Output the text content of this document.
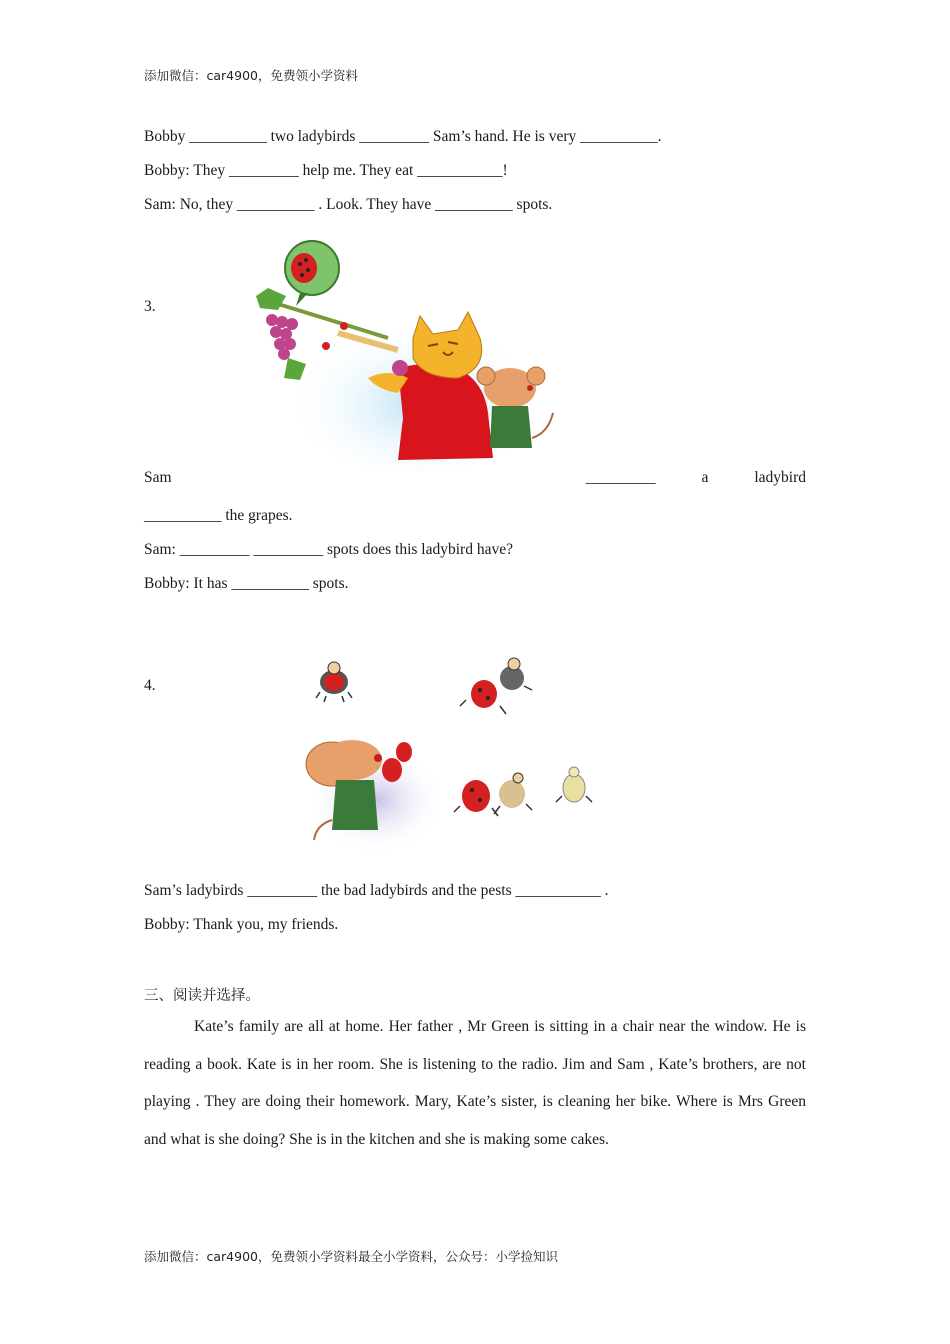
添加微信：car4900，免费领小学资料
Bobby __________ two ladybirds _________ Sam’s hand. He is very __________.
Bobby: They _________ help me. They eat ___________!
Sam: No, they __________ . Look. They have __________ spots.
3.
Sam	_________	a	ladybird
__________ the grapes.
Sam: _________ _________ spots does this ladybird have?
Bobby: It has __________ spots.
4.
Sam’s ladybirds _________ the bad ladybirds and the pests ___________ .
Bobby: Thank you, my friends.
三、阅读并选择。
Kate’s family are all at home. Her father , Mr Green is sitting in a chair near the window. He is reading a book. Kate is in her room. She is listening to the radio. Jim and Sam , Kate’s brothers, are not playing . They are doing their homework. Mary, Kate’s sister, is cleaning her bike. Where is Mrs Green and what is she doing? She is in the kitchen and she is making some cakes.
添加微信：car4900，免费领小学资料最全小学资料，公众号：小学捡知识
